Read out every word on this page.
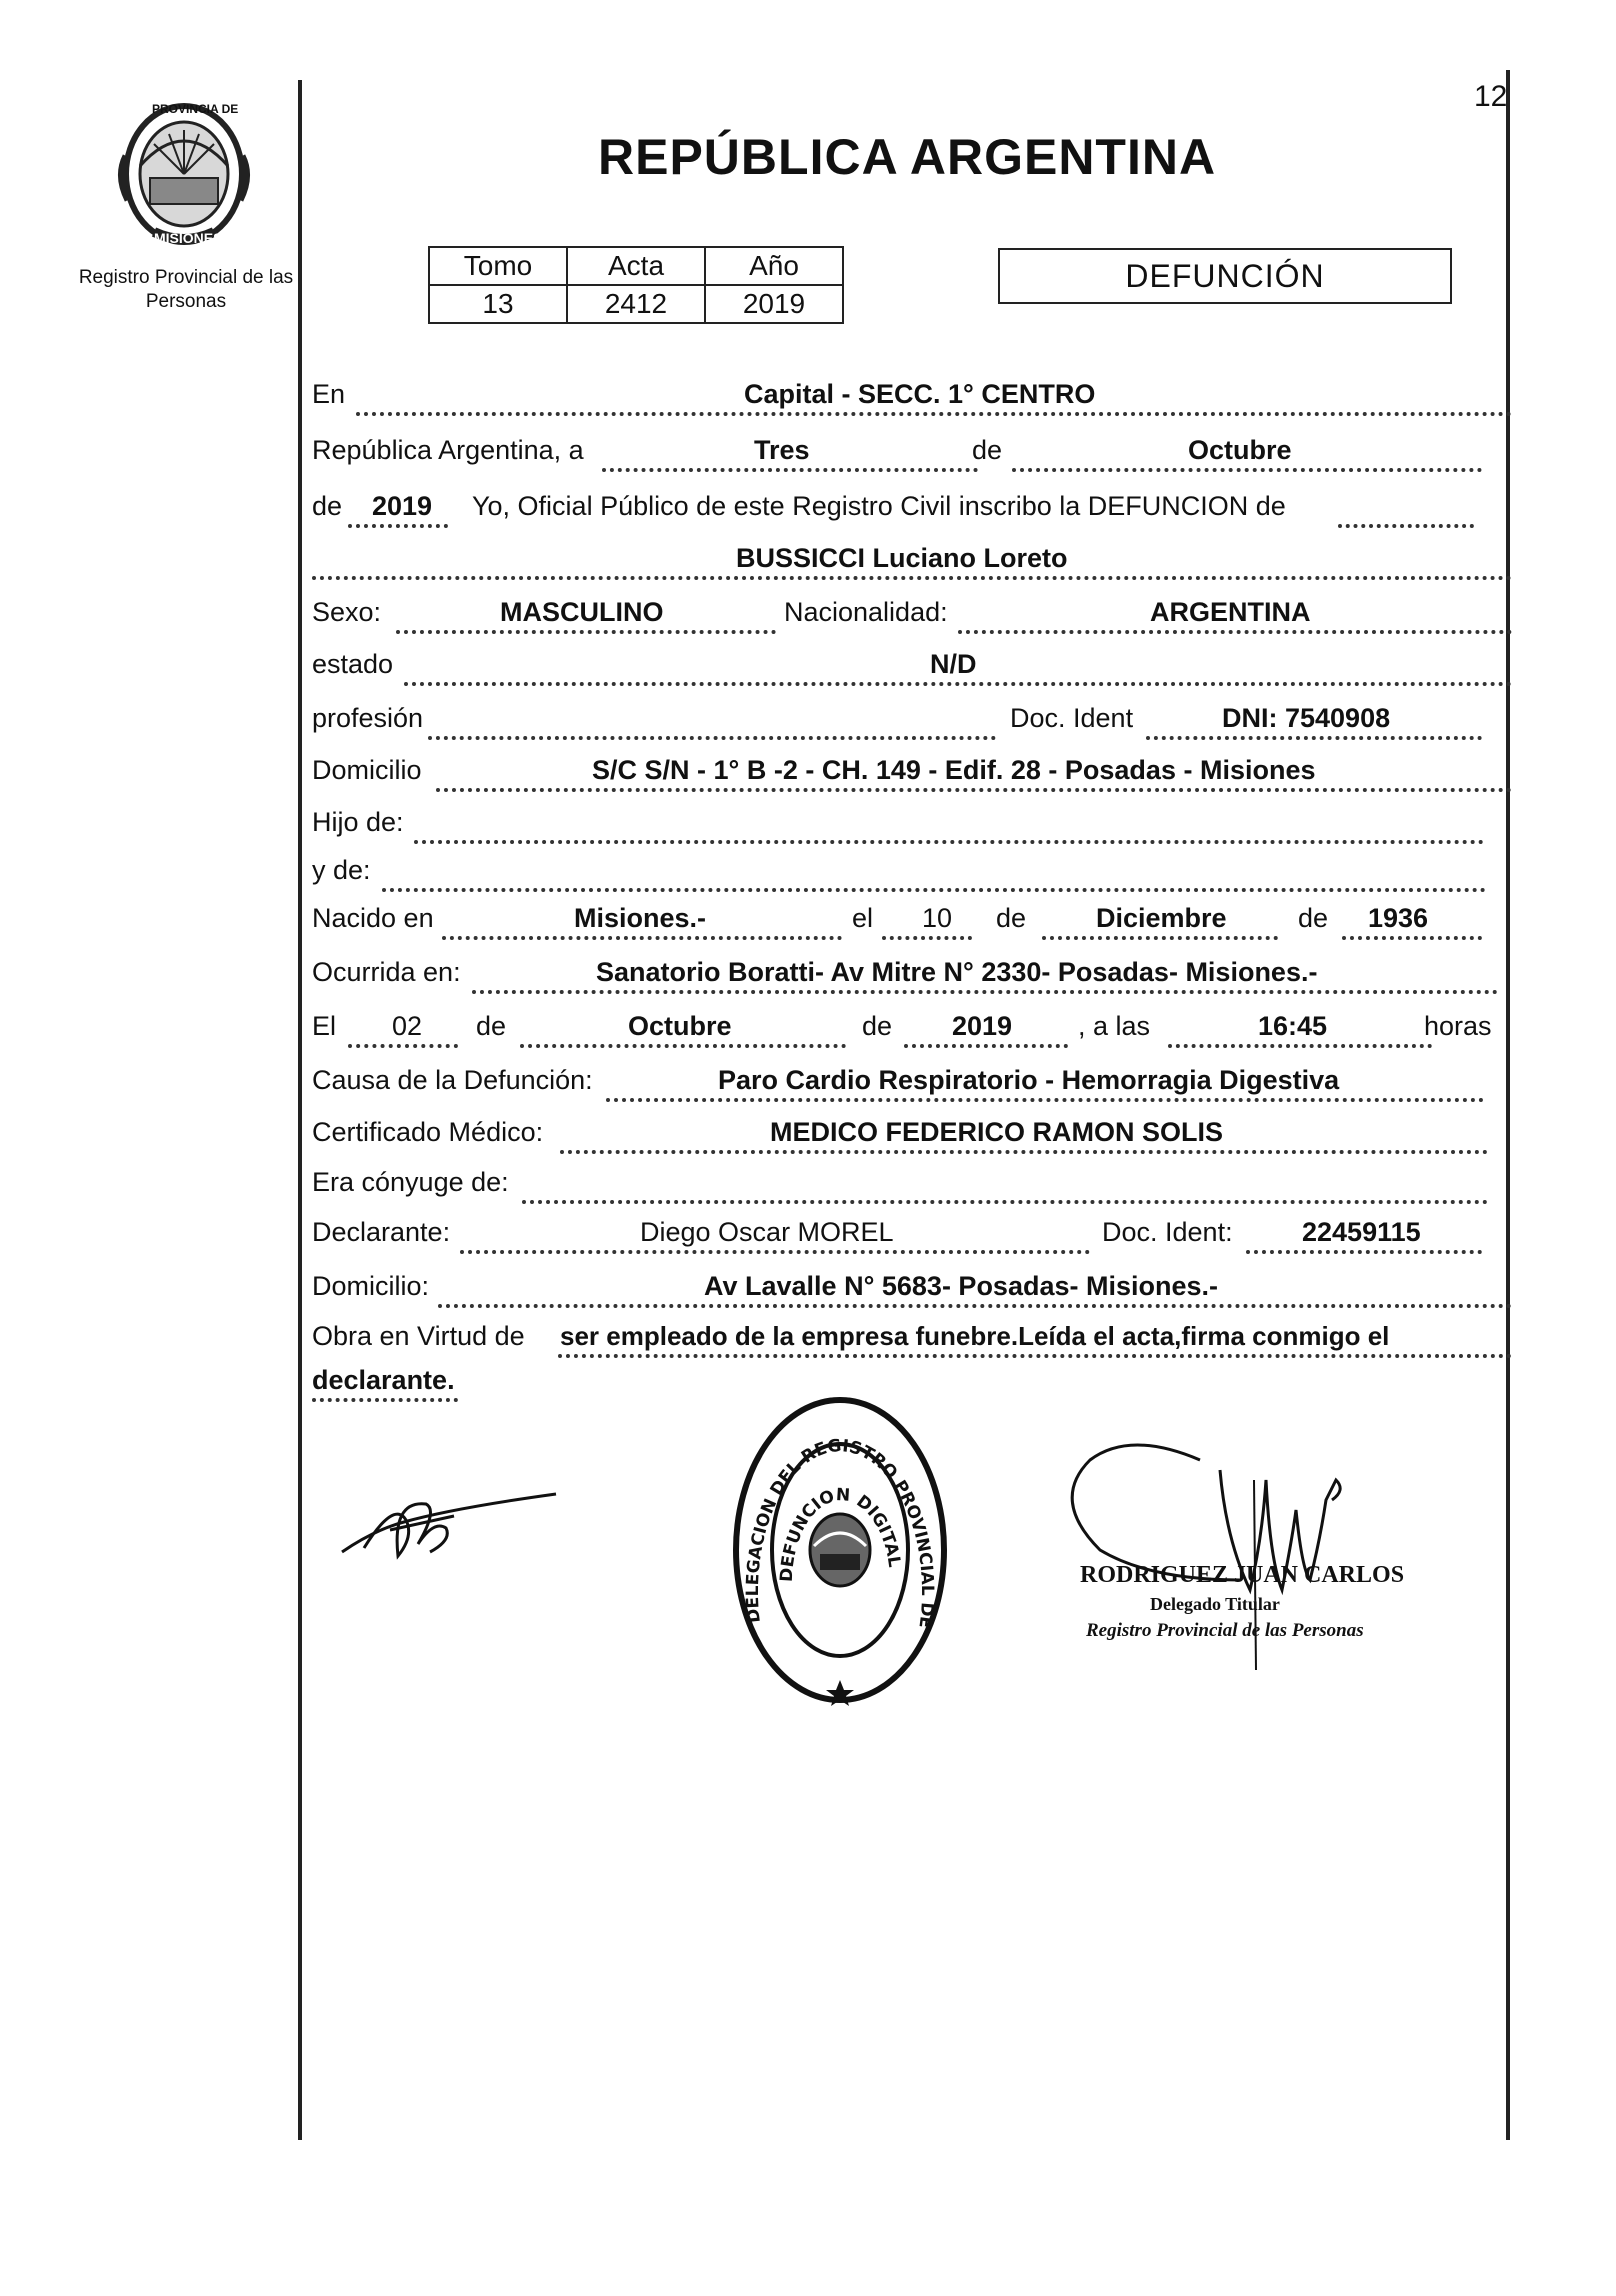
12
PROVINCIA DE
MISIONES
Registro Provincial de las Personas
REPÚBLICA ARGENTINA
Tomo	Acta	Año
13	2412	2019
DEFUNCIÓN
En	Capital - SECC. 1° CENTRO
República Argentina, a	Tres	de	Octubre
de 2019 Yo, Oficial Público de este Registro Civil inscribo la DEFUNCION de
BUSSICCI Luciano Loreto
Sexo:	MASCULINO	Nacionalidad:	ARGENTINA
estado	N/D
profesión	Doc. Ident	DNI: 7540908
Domicilio	S/C S/N - 1° B -2 - CH. 149 - Edif. 28 - Posadas - Misiones
Hijo de:
y de:
Nacido en	Misiones.-	el 10 de	Diciembre	de 1936
Ocurrida en:	Sanatorio Boratti- Av Mitre N° 2330- Posadas- Misiones.-
El 02 de	Octubre	de 2019 , a las	16:45	horas
Causa de la Defunción:	Paro Cardio Respiratorio - Hemorragia Digestiva
Certificado Médico:	MEDICO FEDERICO RAMON SOLIS
Era cónyuge de:
Declarante:	Diego Oscar MOREL	Doc. Ident:	22459115
Domicilio:	Av Lavalle N° 5683- Posadas- Misiones.-
Obra en Virtud de ser empleado de la empresa funebre.Leída el acta,firma conmigo el
declarante.
DELEGACION DEL REGISTRO PROVINCIAL DE
DEFUNCION DIGITAL
RODRIGUEZ JUAN CARLOS
Delegado Titular
Registro Provincial de las Personas
